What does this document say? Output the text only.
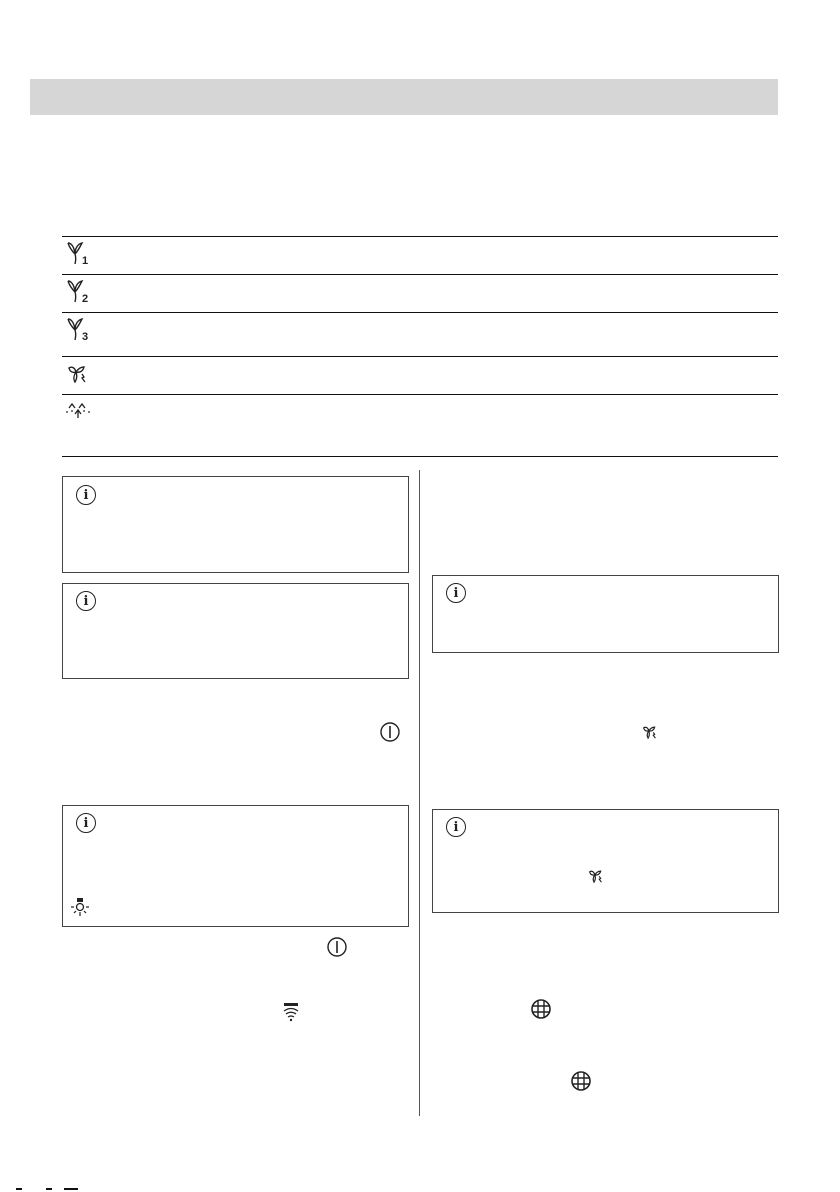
1
2
3
i
i
i
i
i
